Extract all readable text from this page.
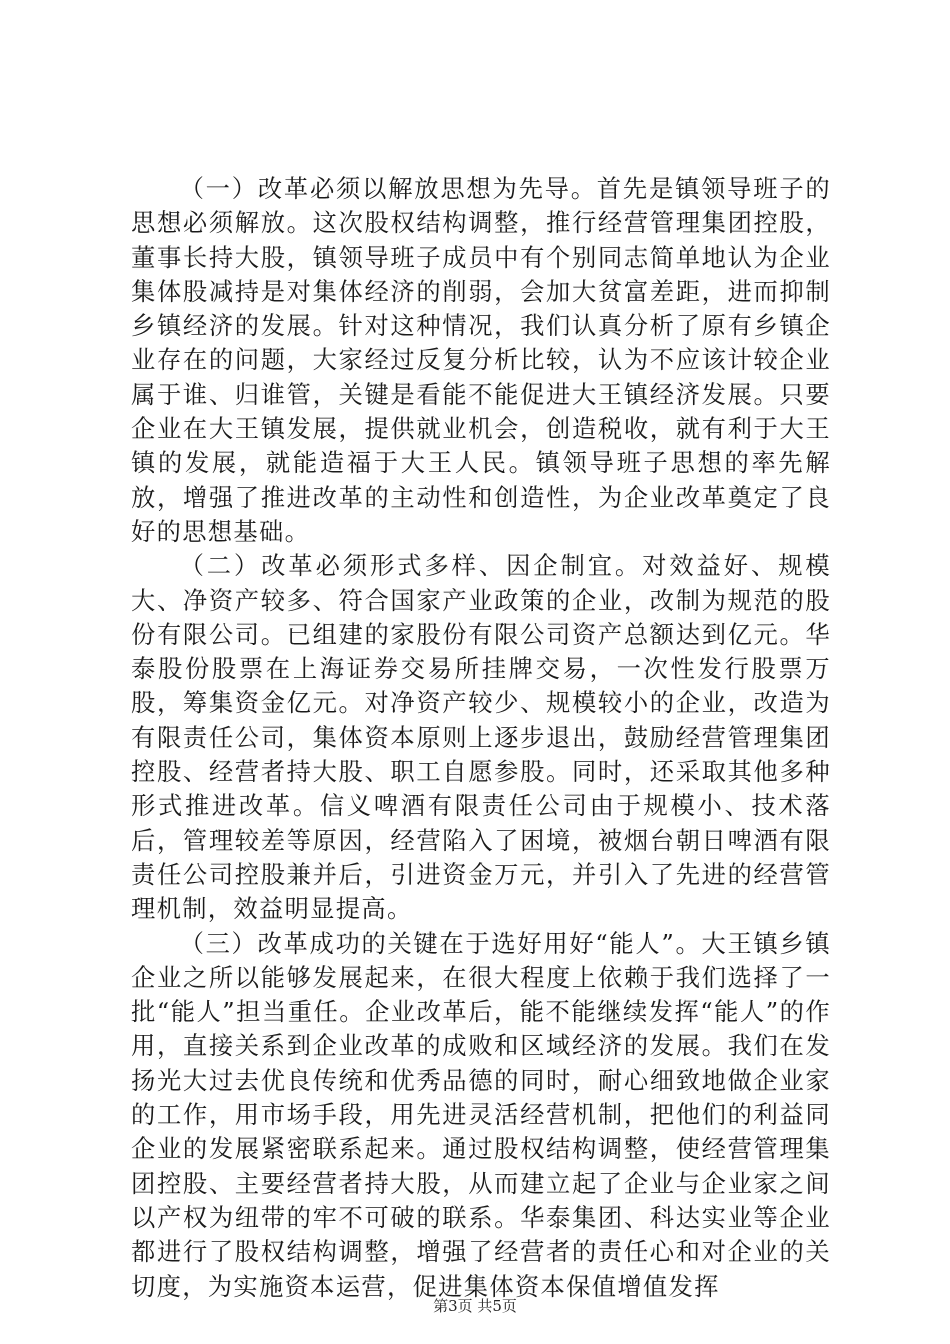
（一）改革必须以解放思想为先导。首先是镇领导班子的思想必须解放。这次股权结构调整，推行经营管理集团控股，董事长持大股，镇领导班子成员中有个别同志简单地认为企业集体股减持是对集体经济的削弱，会加大贫富差距，进而抑制乡镇经济的发展。针对这种情况，我们认真分析了原有乡镇企业存在的问题，大家经过反复分析比较，认为不应该计较企业属于谁、归谁管，关键是看能不能促进大王镇经济发展。只要企业在大王镇发展，提供就业机会，创造税收，就有利于大王镇的发展，就能造福于大王人民。镇领导班子思想的率先解放，增强了推进改革的主动性和创造性，为企业改革奠定了良好的思想基础。

（二）改革必须形式多样、因企制宜。对效益好、规模大、净资产较多、符合国家产业政策的企业，改制为规范的股份有限公司。已组建的家股份有限公司资产总额达到亿元。华泰股份股票在上海证券交易所挂牌交易，一次性发行股票万股，筹集资金亿元。对净资产较少、规模较小的企业，改造为有限责任公司，集体资本原则上逐步退出，鼓励经营管理集团控股、经营者持大股、职工自愿参股。同时，还采取其他多种形式推进改革。信义啤酒有限责任公司由于规模小、技术落后，管理较差等原因，经营陷入了困境，被烟台朝日啤酒有限责任公司控股兼并后，引进资金万元，并引入了先进的经营管理机制，效益明显提高。

（三）改革成功的关键在于选好用好“能人”。大王镇乡镇企业之所以能够发展起来，在很大程度上依赖于我们选择了一批“能人”担当重任。企业改革后，能不能继续发挥“能人”的作用，直接关系到企业改革的成败和区域经济的发展。我们在发扬光大过去优良传统和优秀品德的同时，耐心细致地做企业家的工作，用市场手段，用先进灵活经营机制，把他们的利益同企业的发展紧密联系起来。通过股权结构调整，使经营管理集团控股、主要经营者持大股，从而建立起了企业与企业家之间以产权为纽带的牢不可破的联系。华泰集团、科达实业等企业都进行了股权结构调整，增强了经营者的责任心和对企业的关切度，为实施资本运营，促进集体资本保值增值发挥

第3页 共5页
